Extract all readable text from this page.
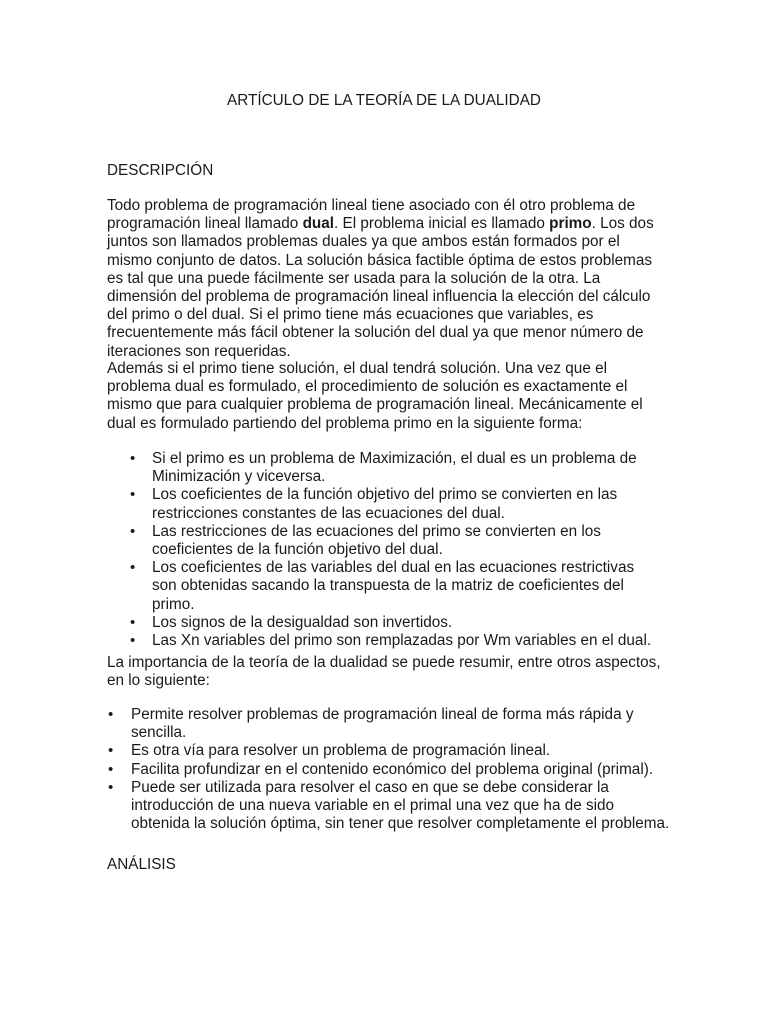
ARTÍCULO DE LA TEORÍA DE LA DUALIDAD
DESCRIPCIÓN

Todo problema de programación lineal tiene asociado con él otro problema de programación lineal llamado dual. El problema inicial es llamado primo. Los dos juntos son llamados problemas duales ya que ambos están formados por el mismo conjunto de datos. La solución básica factible óptima de estos problemas es tal que una puede fácilmente ser usada para la solución de la otra. La dimensión del problema de programación lineal influencia la elección del cálculo del primo o del dual. Si el primo tiene más ecuaciones que variables, es frecuentemente más fácil obtener la solución del dual ya que menor número de iteraciones son requeridas.

Además si el primo tiene solución, el dual tendrá solución. Una vez que el problema dual es formulado, el procedimiento de solución es exactamente el mismo que para cualquier problema de programación lineal. Mecánicamente el dual es formulado partiendo del problema primo en la siguiente forma:

• Si el primo es un problema de Maximización, el dual es un problema de Minimización y viceversa.
• Los coeficientes de la función objetivo del primo se convierten en las restricciones constantes de las ecuaciones del dual.
• Las restricciones de las ecuaciones del primo se convierten en los coeficientes de la función objetivo del dual.
• Los coeficientes de las variables del dual en las ecuaciones restrictivas son obtenidas sacando la transpuesta de la matriz de coeficientes del primo.
• Los signos de la desigualdad son invertidos.
• Las Xn variables del primo son remplazadas por Wm variables en el dual.

La importancia de la teoría de la dualidad se puede resumir, entre otros aspectos, en lo siguiente:

• Permite resolver problemas de programación lineal de forma más rápida y sencilla.
• Es otra vía para resolver un problema de programación lineal.
• Facilita profundizar en el contenido económico del problema original (primal).
• Puede ser utilizada para resolver el caso en que se debe considerar la introducción de una nueva variable en el primal una vez que ha de sido obtenida la solución óptima, sin tener que resolver completamente el problema.
ANÁLISIS
